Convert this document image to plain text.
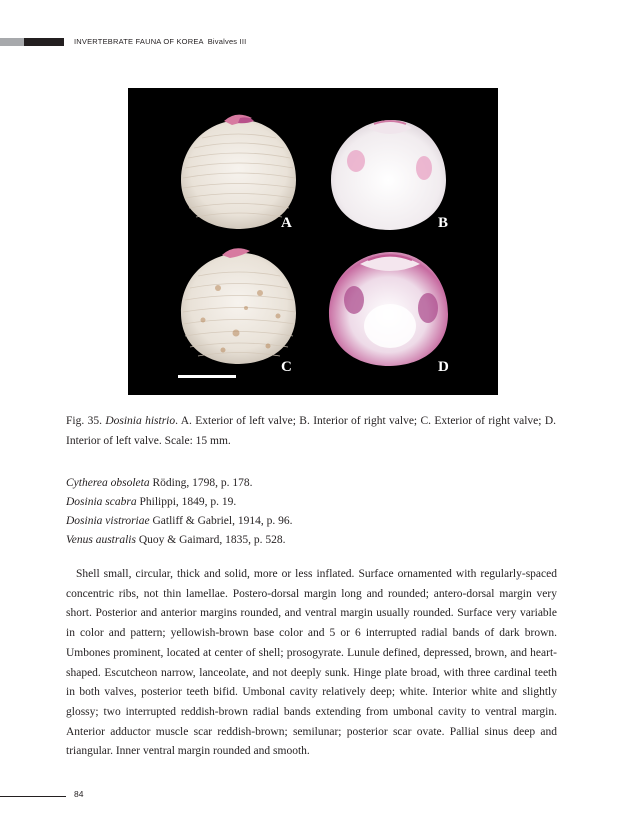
INVERTEBRATE FAUNA OF KOREA Bivalves III
A	B
C	D
Fig. 35. Dosinia histrio. A. Exterior of left valve; B. Interior of right valve; C. Exterior of right valve; D. Interior of left valve. Scale: 15 mm.
Cytherea obsoleta Röding, 1798, p. 178.
Dosinia scabra Philippi, 1849, p. 19.
Dosinia vistroriae Gatliff & Gabriel, 1914, p. 96.
Venus australis Quoy & Gaimard, 1835, p. 528.
Shell small, circular, thick and solid, more or less inflated. Surface ornamented with regularly-spaced concentric ribs, not thin lamellae. Postero-dorsal margin long and rounded; antero-dorsal margin very short. Posterior and anterior margins rounded, and ventral margin usually rounded. Surface very variable in color and pattern; yellowish-brown base color and 5 or 6 interrupted radial bands of dark brown. Umbones prominent, located at center of shell; prosogyrate. Lunule defined, depressed, brown, and heart-shaped. Escutcheon narrow, lanceolate, and not deeply sunk. Hinge plate broad, with three cardinal teeth in both valves, posterior teeth bifid. Umbonal cavity relatively deep; white. Interior white and slightly glossy; two interrupted reddish-brown radial bands extending from umbonal cavity to ventral margin. Anterior adductor muscle scar reddish-brown; semilunar; posterior scar ovate. Pallial sinus deep and triangular. Inner ventral margin rounded and smooth.
84
